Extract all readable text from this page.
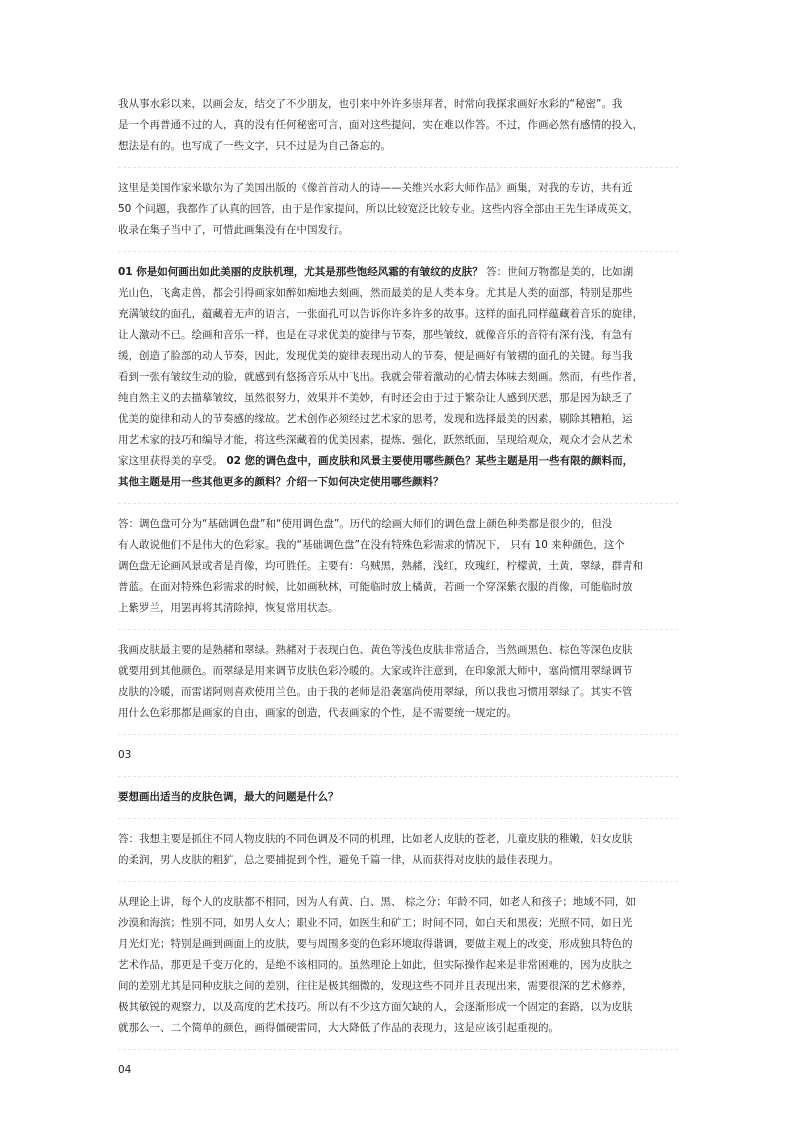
我从事水彩以来，以画会友，结交了不少朋友，也引来中外许多崇拜者，时常向我探求画好水彩的“秘密”。我
是一个再普通不过的人，真的没有任何秘密可言，面对这些提问，实在难以作答。不过，作画必然有感情的投入，
想法是有的。也写成了一些文字，只不过是为自己备忘的。

这里是美国作家米歇尔为了美国出版的《像首首动人的诗——关维兴水彩大师作品》画集，对我的专访，共有近
50 个问题，我都作了认真的回答，由于是作家提问，所以比较宽泛比较专业。这些内容全部由王先生译成英文，
收录在集子当中了，可惜此画集没有在中国发行。

01 你是如何画出如此美丽的皮肤机理，尤其是那些饱经风霜的有皱纹的皮肤？ 答：世间万物都是美的，比如湖
光山色，飞禽走兽，都会引得画家如醉如痴地去刻画，然而最美的是人类本身。尤其是人类的面部，特别是那些
充满皱纹的面孔，蕴藏着无声的语言，一张面孔可以告诉你许多许多的故事。这样的面孔同样蕴藏着音乐的旋律，
让人激动不已。绘画和音乐一样，也是在寻求优美的旋律与节奏，那些皱纹，就像音乐的音符有深有浅，有急有
缓，创造了脸部的动人节奏，因此，发现优美的旋律表现出动人的节奏，便是画好有皱褶的面孔的关键。每当我
看到一张有皱纹生动的脸，就感到有悠扬音乐从中飞出。我就会带着激动的心情去体味去刻画。然而，有些作者，
纯自然主义的去描摹皱纹，虽然很努力，效果并不美妙，有时还会由于过于繁杂让人感到厌恶，那是因为缺乏了
优美的旋律和动人的节奏感的缘故。艺术创作必须经过艺术家的思考，发现和选择最美的因素，剔除其糟粕，运
用艺术家的技巧和编导才能，将这些深藏着的优美因素，提炼、强化，跃然纸面，呈现给观众，观众才会从艺术
家这里获得美的享受。 02 您的调色盘中，画皮肤和风景主要使用哪些颜色？某些主题是用一些有限的颜料而，
其他主题是用一些其他更多的颜料？介绍一下如何决定使用哪些颜料？

答：调色盘可分为“基础调色盘”和“使用调色盘”。历代的绘画大师们的调色盘上颜色种类都是很少的，但没
有人敢说他们不是伟大的色彩家。我的“基础调色盘”在没有特殊色彩需求的情况下， 只有 10 来种颜色，这个
调色盘无论画风景或者是肖像，均可胜任。主要有：乌贼黑，熟赭，浅红，玫瑰红，柠檬黄，土黄，翠绿，群青和
普蓝。在面对特殊色彩需求的时候，比如画秋林，可能临时放上橘黄，若画一个穿深紫衣服的肖像，可能临时放
上紫罗兰，用罢再将其清除掉，恢复常用状态。

我画皮肤最主要的是熟赭和翠绿。熟赭对于表现白色、黄色等浅色皮肤非常适合，当然画黑色、棕色等深色皮肤
就要用到其他颜色。而翠绿是用来调节皮肤色彩冷暖的。大家或许注意到，在印象派大师中，塞尚惯用翠绿调节
皮肤的冷暖，而雷诺阿则喜欢使用兰色。由于我的老师是沿袭塞尚使用翠绿，所以我也习惯用翠绿了。其实不管
用什么色彩那都是画家的自由，画家的创造，代表画家的个性，是不需要统一规定的。

03

要想画出适当的皮肤色调，最大的问题是什么？

答：我想主要是抓住不同人物皮肤的不同色调及不同的机理，比如老人皮肤的苍老，儿童皮肤的稚嫩，妇女皮肤
的柔润，男人皮肤的粗犷，总之要捕捉到个性，避免千篇一律，从而获得对皮肤的最佳表现力。

从理论上讲，每个人的皮肤都不相同，因为人有黄、白、黑、 棕之分；年龄不同，如老人和孩子；地域不同，如
沙漠和海滨；性别不同，如男人女人；职业不同，如医生和矿工；时间不同，如白天和黑夜；光照不同，如日光
月光灯光；特别是画到画面上的皮肤，要与周围多变的色彩环境取得谐调，要做主观上的改变，形成独具特色的
艺术作品，那更是千变万化的，是绝不该相同的。虽然理论上如此，但实际操作起来是非常困难的，因为皮肤之
间的差别尤其是同种皮肤之间的差别，往往是极其细微的，发现这些不同并且表现出来，需要很深的艺术修养，
极其敏锐的观察力，以及高度的艺术技巧。所以有不少这方面欠缺的人，会逐渐形成一个固定的套路，以为皮肤
就那么一、二个简单的颜色，画得僵硬雷同，大大降低了作品的表现力，这是应该引起重视的。

04
